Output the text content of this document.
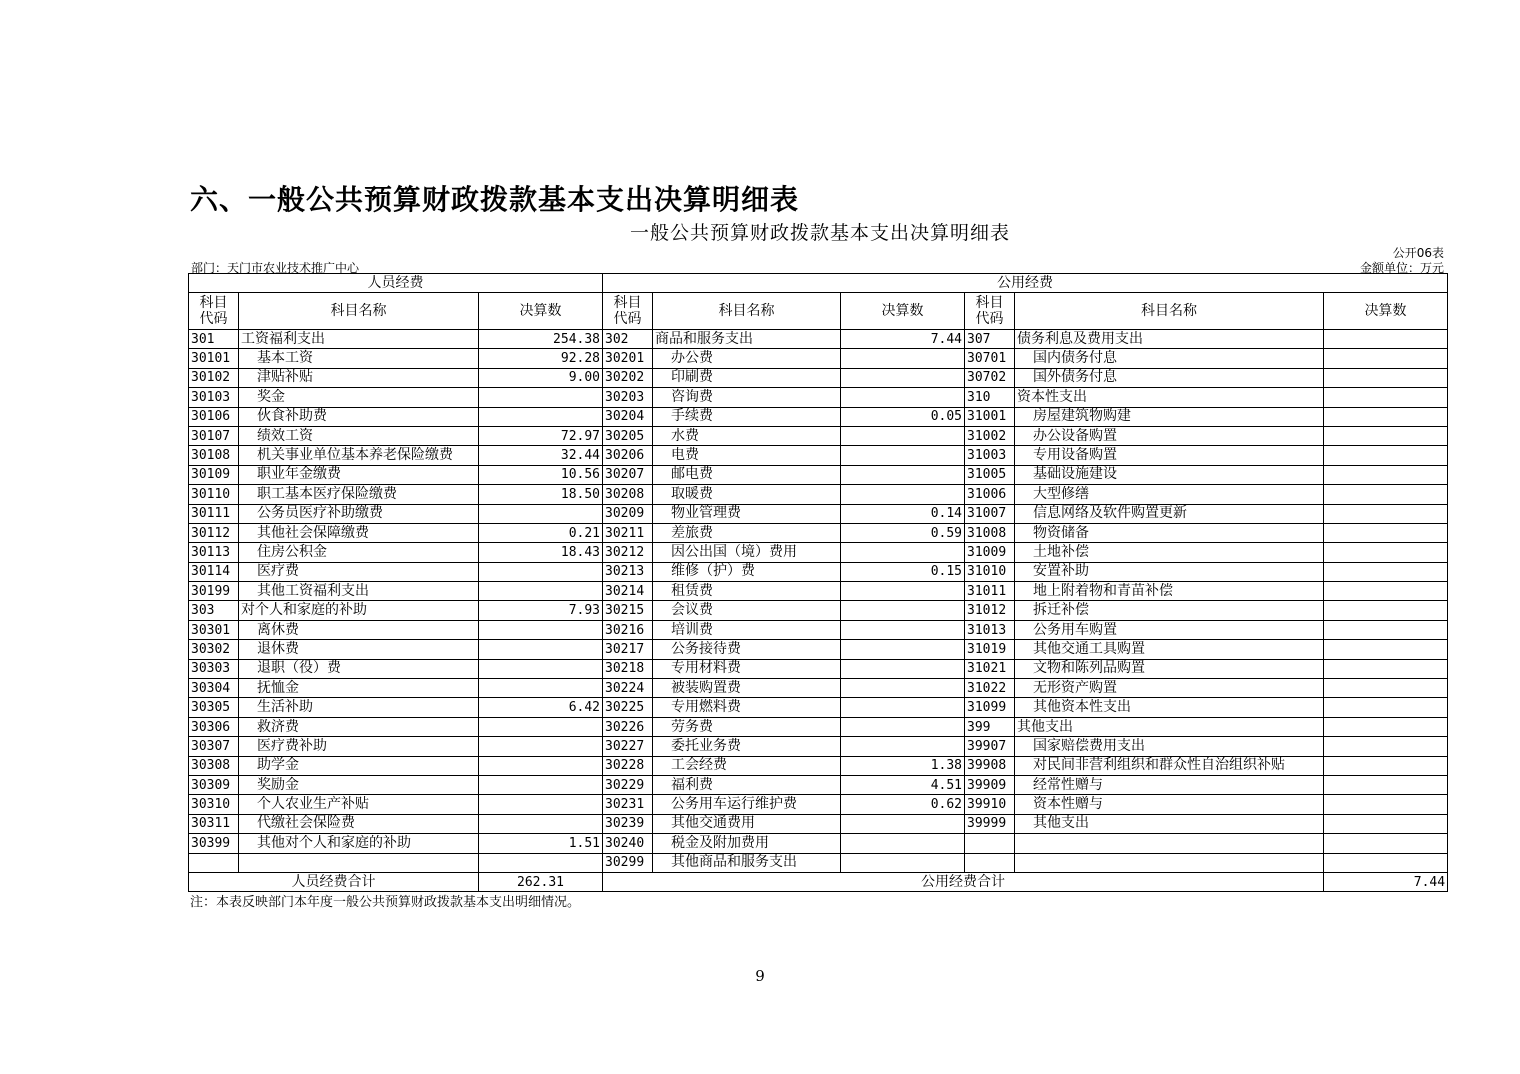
六、一般公共预算财政拨款基本支出决算明细表
一般公共预算财政拨款基本支出决算明细表
公开06表
部门：天门市农业技术推广中心	金额单位：万元
人员经费			公用经费					
科目代码	科目名称	决算数	科目代码	科目名称	决算数	科目代码	科目名称	决算数
301	工资福利支出	254.38	302	商品和服务支出	7.44	307	债务利息及费用支出	
30101	基本工资	92.28	30201	办公费		30701	国内债务付息	
30102	津贴补贴	9.00	30202	印刷费		30702	国外债务付息	
30103	奖金		30203	咨询费		310	资本性支出	
30106	伙食补助费		30204	手续费	0.05	31001	房屋建筑物购建	
30107	绩效工资	72.97	30205	水费		31002	办公设备购置	
30108	机关事业单位基本养老保险缴费	32.44	30206	电费		31003	专用设备购置	
30109	职业年金缴费	10.56	30207	邮电费		31005	基础设施建设	
30110	职工基本医疗保险缴费	18.50	30208	取暖费		31006	大型修缮	
30111	公务员医疗补助缴费		30209	物业管理费	0.14	31007	信息网络及软件购置更新	
30112	其他社会保障缴费	0.21	30211	差旅费	0.59	31008	物资储备	
30113	住房公积金	18.43	30212	因公出国（境）费用		31009	土地补偿	
30114	医疗费		30213	维修（护）费	0.15	31010	安置补助	
30199	其他工资福利支出		30214	租赁费		31011	地上附着物和青苗补偿	
303	对个人和家庭的补助	7.93	30215	会议费		31012	拆迁补偿	
30301	离休费		30216	培训费		31013	公务用车购置	
30302	退休费		30217	公务接待费		31019	其他交通工具购置	
30303	退职（役）费		30218	专用材料费		31021	文物和陈列品购置	
30304	抚恤金		30224	被装购置费		31022	无形资产购置	
30305	生活补助	6.42	30225	专用燃料费		31099	其他资本性支出	
30306	救济费		30226	劳务费		399	其他支出	
30307	医疗费补助		30227	委托业务费		39907	国家赔偿费用支出	
30308	助学金		30228	工会经费	1.38	39908	对民间非营利组织和群众性自治组织补贴	
30309	奖励金		30229	福利费	4.51	39909	经常性赠与	
30310	个人农业生产补贴		30231	公务用车运行维护费	0.62	39910	资本性赠与	
30311	代缴社会保险费		30239	其他交通费用		39999	其他支出	
30399	其他对个人和家庭的补助	1.51	30240	税金及附加费用				
			30299	其他商品和服务支出				
人员经费合计		262.31	公用经费合计					7.44
注：本表反映部门本年度一般公共预算财政拨款基本支出明细情况。
9
